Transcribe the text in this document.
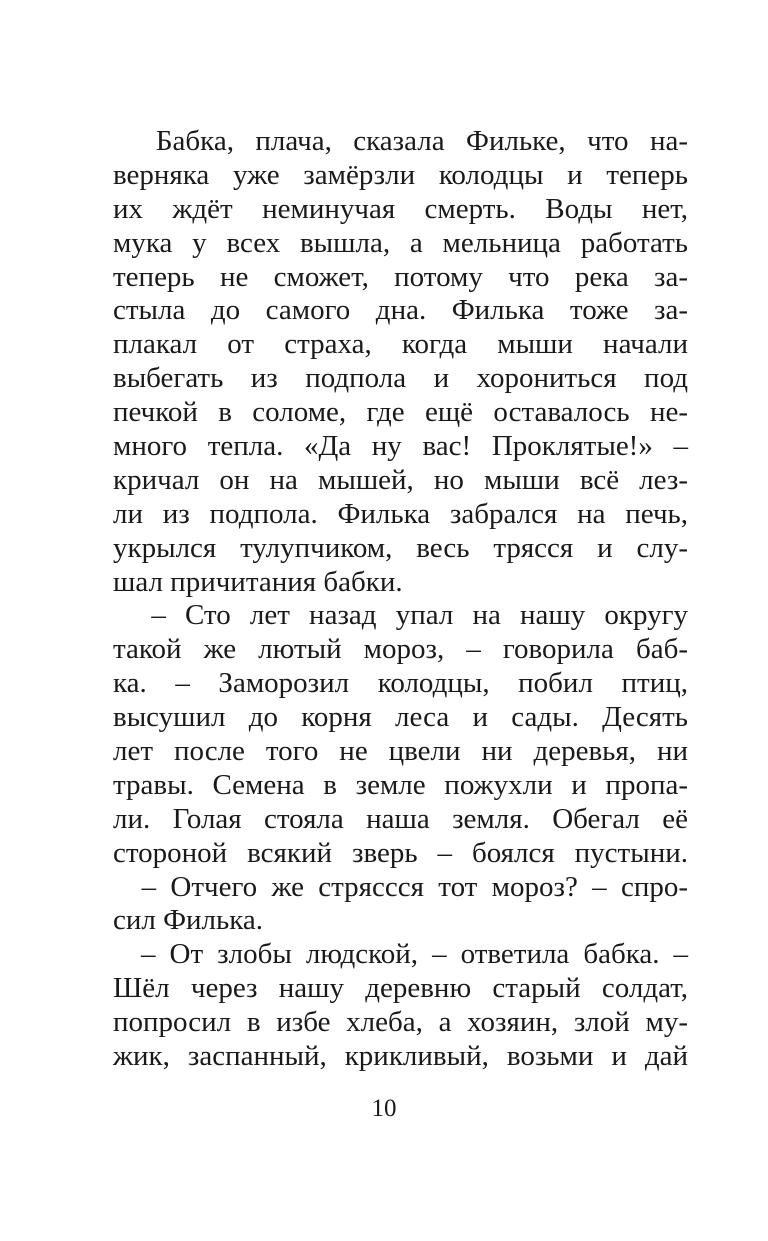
Бабка, плача, сказала Фильке, что на-
верняка уже замёрзли колодцы и теперь
их ждёт неминучая смерть. Воды нет,
мука у всех вышла, а мельница работать
теперь не сможет, потому что река за-
стыла до самого дна. Филька тоже за-
плакал от страха, когда мыши начали
выбегать из подпола и хорониться под
печкой в соломе, где ещё оставалось не-
много тепла. «Да ну вас! Проклятые!» –
кричал он на мышей, но мыши всё лез-
ли из подпола. Филька забрался на печь,
укрылся тулупчиком, весь трясся и слу-
шал причитания бабки.
– Сто лет назад упал на нашу округу
такой же лютый мороз, – говорила баб-
ка. – Заморозил колодцы, побил птиц,
высушил до корня леса и сады. Десять
лет после того не цвели ни деревья, ни
травы. Семена в земле пожухли и пропа-
ли. Голая стояла наша земля. Обегал её
стороной всякий зверь – боялся пустыни.
– Отчего же стряссся тот мороз? – спро-
сил Филька.
– От злобы людской, – ответила бабка. –
Шёл через нашу деревню старый солдат,
попросил в избе хлеба, а хозяин, злой му-
жик, заспанный, крикливый, возьми и дай
10
